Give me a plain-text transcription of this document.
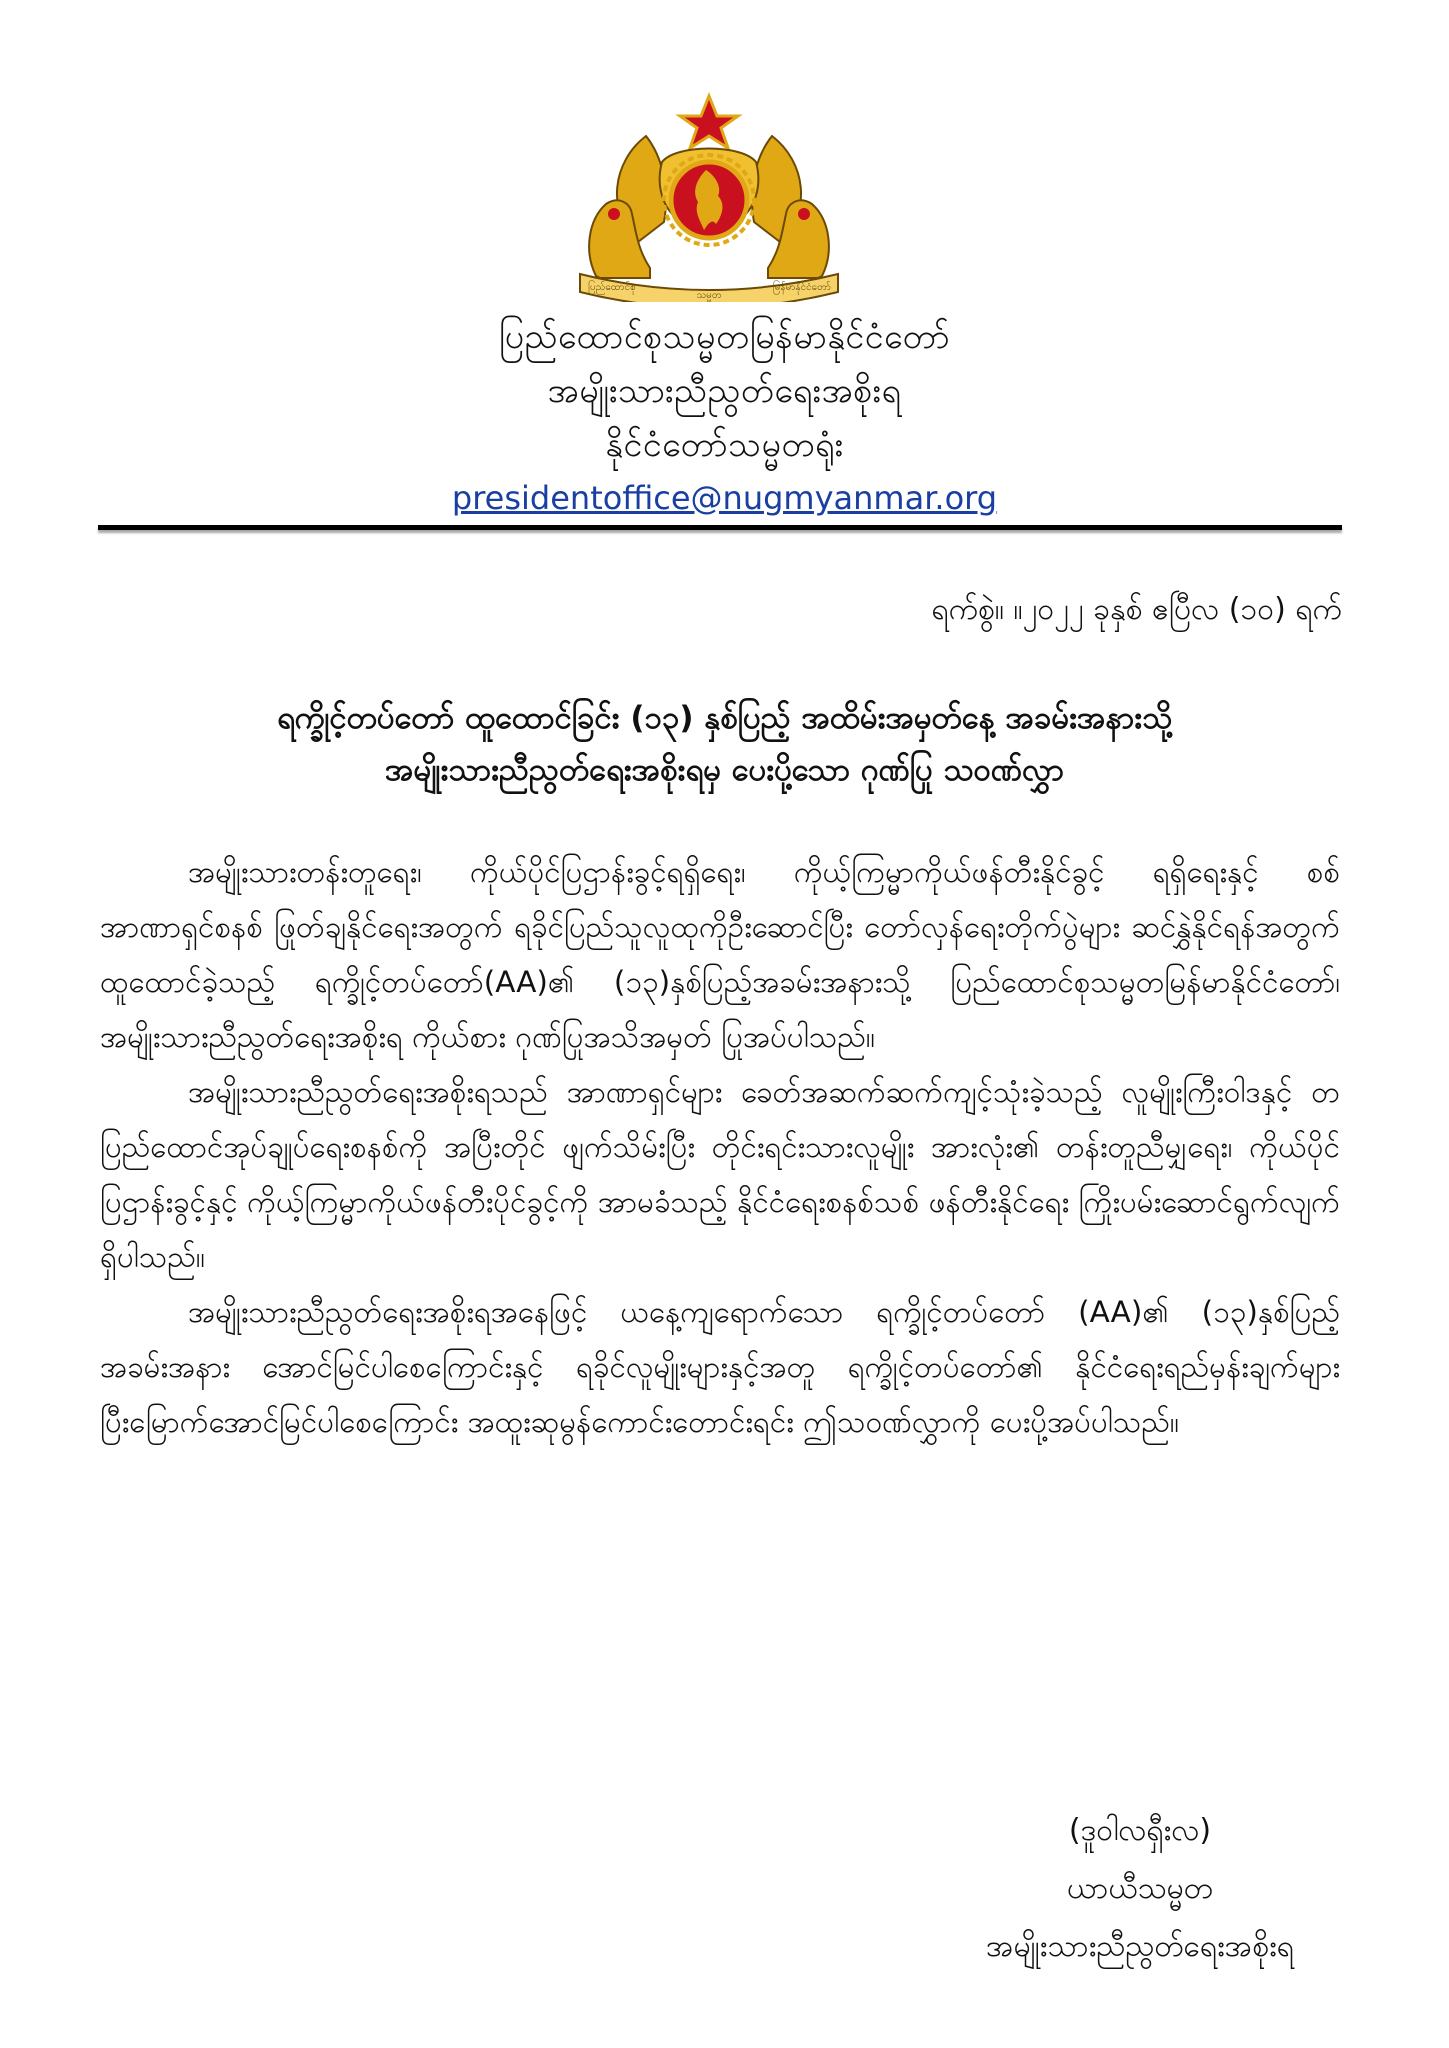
ပြည်ထောင်စု
သမ္မတ
မြန်မာနိုင်ငံတော်
ပြည်ထောင်စုသမ္မတမြန်မာနိုင်ငံတော်
အမျိုးသားညီညွတ်ရေးအစိုးရ
နိုင်ငံတော်သမ္မတရုံး
presidentoffice@nugmyanmar.org
ရက်စွဲ။ ။၂၀၂၂ ခုနှစ် ဧပြီလ (၁၀) ရက်
ရက္ခိုင့်တပ်တော် ထူထောင်ခြင်း (၁၃) နှစ်ပြည့် အထိမ်းအမှတ်နေ့ အခမ်းအနားသို့
အမျိုးသားညီညွတ်ရေးအစိုးရမှ ပေးပို့သော ဂုဏ်ပြု သဝဏ်လွှာ

အမျိုးသားတန်းတူရေး၊ ကိုယ်ပိုင်ပြဌာန်းခွင့်ရရှိရေး၊ ကိုယ့်ကြမ္မာကိုယ်ဖန်တီးနိုင်ခွင့် ရရှိရေးနှင့် စစ်အာဏာရှင်စနစ် ဖြုတ်ချနိုင်ရေးအတွက် ရခိုင်ပြည်သူလူထုကိုဦးဆောင်ပြီး တော်လှန်ရေးတိုက်ပွဲများ ဆင်နွှဲနိုင်ရန်အတွက် ထူထောင်ခဲ့သည့် ရက္ခိုင့်တပ်တော်(AA)၏ (၁၃)နှစ်ပြည့်အခမ်းအနားသို့ ပြည်ထောင်စုသမ္မတမြန်မာနိုင်ငံတော်၊ အမျိုးသားညီညွတ်ရေးအစိုးရ ကိုယ်စား ဂုဏ်ပြုအသိအမှတ် ပြုအပ်ပါသည်။

အမျိုးသားညီညွတ်ရေးအစိုးရသည် အာဏာရှင်များ ခေတ်အဆက်ဆက်ကျင့်သုံးခဲ့သည့် လူမျိုးကြီးဝါဒနှင့် တပြည်ထောင်အုပ်ချုပ်ရေးစနစ်ကို အပြီးတိုင် ဖျက်သိမ်းပြီး တိုင်းရင်းသားလူမျိုး အားလုံး၏ တန်းတူညီမျှရေး၊ ကိုယ်ပိုင်ပြဌာန်းခွင့်နှင့် ကိုယ့်ကြမ္မာကိုယ်ဖန်တီးပိုင်ခွင့်ကို အာမခံသည့် နိုင်ငံရေးစနစ်သစ် ဖန်တီးနိုင်ရေး ကြိုးပမ်းဆောင်ရွက်လျက်ရှိပါသည်။

အမျိုးသားညီညွတ်ရေးအစိုးရအနေဖြင့် ယနေ့ကျရောက်သော ရက္ခိုင့်တပ်တော် (AA)၏ (၁၃)နှစ်ပြည့်အခမ်းအနား အောင်မြင်ပါစေကြောင်းနှင့် ရခိုင်လူမျိုးများနှင့်အတူ ရက္ခိုင့်တပ်တော်၏ နိုင်ငံရေးရည်မှန်းချက်များ ပြီးမြောက်အောင်မြင်ပါစေကြောင်း အထူးဆုမွန်ကောင်းတောင်းရင်း ဤသဝဏ်လွှာကို ပေးပို့အပ်ပါသည်။

(ဒူဝါလရှီးလ)
ယာယီသမ္မတ
အမျိုးသားညီညွတ်ရေးအစိုးရ
